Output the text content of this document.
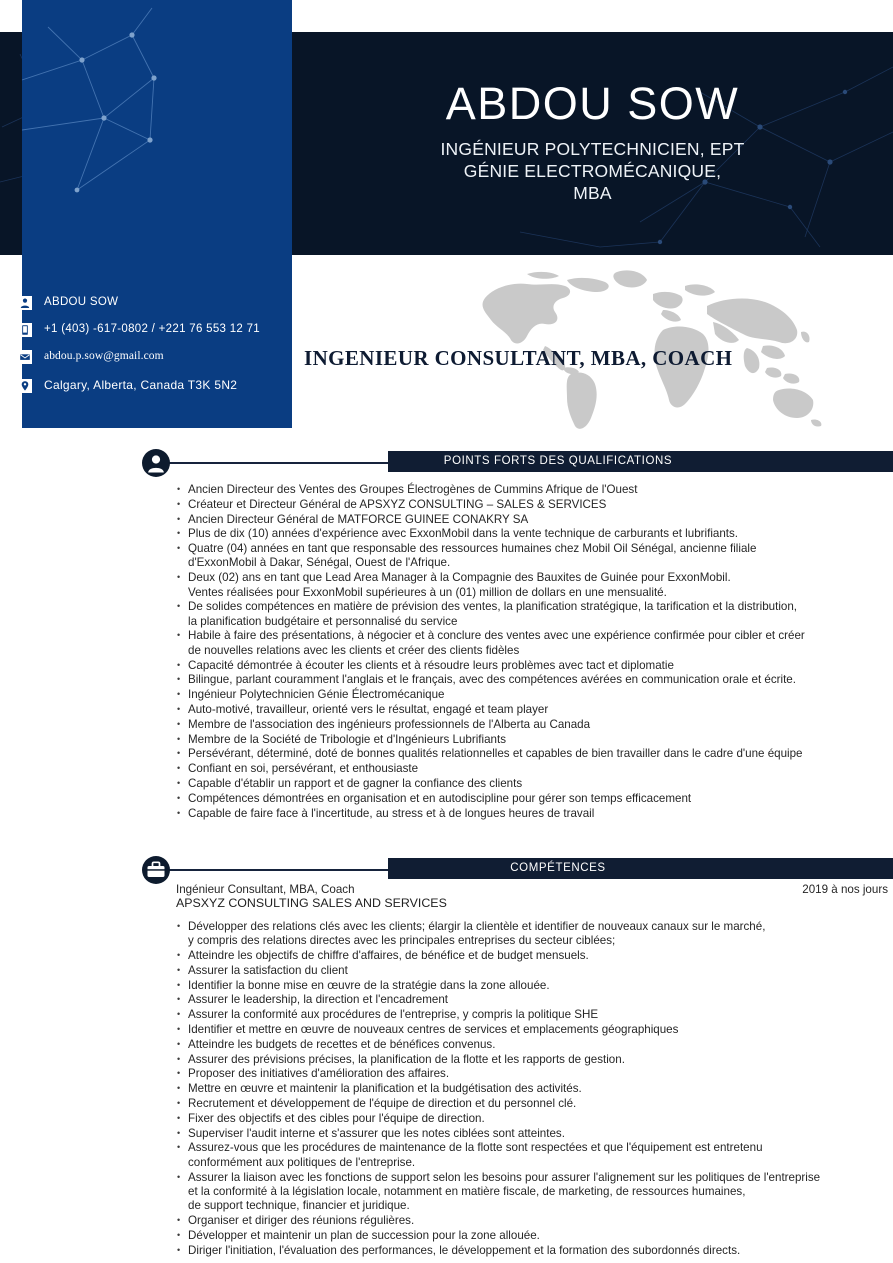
ABDOU SOW
INGÉNIEUR POLYTECHNICIEN, EPT
GÉNIE ELECTROMÉCANIQUE,
MBA
ABDOU SOW
+1 (403) -617-0802 / +221 76 553 12 71
abdou.p.sow@gmail.com
Calgary, Alberta, Canada T3K 5N2
INGENIEUR CONSULTANT, MBA, COACH
POINTS FORTS DES QUALIFICATIONS
• Ancien Directeur des Ventes des Groupes Électrogènes de Cummins Afrique de l'Ouest
• Créateur et Directeur Général de APSXYZ CONSULTING – SALES & SERVICES
• Ancien Directeur Général de MATFORCE GUINEE CONAKRY SA
• Plus de dix (10) années d'expérience avec ExxonMobil dans la vente technique de carburants et lubrifiants.
• Quatre (04) années en tant que responsable des ressources humaines chez Mobil Oil Sénégal, ancienne filiale
d'ExxonMobil à Dakar, Sénégal, Ouest de l'Afrique.
• Deux (02) ans en tant que Lead Area Manager à la Compagnie des Bauxites de Guinée pour ExxonMobil.
Ventes réalisées pour ExxonMobil supérieures à un (01) million de dollars en une mensualité.
• De solides compétences en matière de prévision des ventes, la planification stratégique, la tarification et la distribution,
la planification budgétaire et personnalisé du service
• Habile à faire des présentations, à négocier et à conclure des ventes avec une expérience confirmée pour cibler et créer
de nouvelles relations avec les clients et créer des clients fidèles
• Capacité démontrée à écouter les clients et à résoudre leurs problèmes avec tact et diplomatie
• Bilingue, parlant couramment l'anglais et le français, avec des compétences avérées en communication orale et écrite.
• Ingénieur Polytechnicien Génie Électromécanique
• Auto-motivé, travailleur, orienté vers le résultat, engagé et team player
• Membre de l'association des ingénieurs professionnels de l'Alberta au Canada
• Membre de la Société de Tribologie et d'Ingénieurs Lubrifiants
• Persévérant, déterminé, doté de bonnes qualités relationnelles et capables de bien travailler dans le cadre d'une équipe
• Confiant en soi, persévérant, et enthousiaste
• Capable d'établir un rapport et de gagner la confiance des clients
• Compétences démontrées en organisation et en autodiscipline pour gérer son temps efficacement
• Capable de faire face à l'incertitude, au stress et à de longues heures de travail
COMPÉTENCES
Ingénieur Consultant, MBA, Coach	2019 à nos jours
APSXYZ CONSULTING SALES AND SERVICES
• Développer des relations clés avec les clients; élargir la clientèle et identifier de nouveaux canaux sur le marché,
y compris des relations directes avec les principales entreprises du secteur ciblées;
• Atteindre les objectifs de chiffre d'affaires, de bénéfice et de budget mensuels.
• Assurer la satisfaction du client
• Identifier la bonne mise en œuvre de la stratégie dans la zone allouée.
• Assurer le leadership, la direction et l'encadrement
• Assurer la conformité aux procédures de l'entreprise, y compris la politique SHE
• Identifier et mettre en œuvre de nouveaux centres de services et emplacements géographiques
• Atteindre les budgets de recettes et de bénéfices convenus.
• Assurer des prévisions précises, la planification de la flotte et les rapports de gestion.
• Proposer des initiatives d'amélioration des affaires.
• Mettre en œuvre et maintenir la planification et la budgétisation des activités.
• Recrutement et développement de l'équipe de direction et du personnel clé.
• Fixer des objectifs et des cibles pour l'équipe de direction.
• Superviser l'audit interne et s'assurer que les notes ciblées sont atteintes.
• Assurez-vous que les procédures de maintenance de la flotte sont respectées et que l'équipement est entretenu
conformément aux politiques de l'entreprise.
• Assurer la liaison avec les fonctions de support selon les besoins pour assurer l'alignement sur les politiques de l'entreprise
et la conformité à la législation locale, notamment en matière fiscale, de marketing, de ressources humaines,
de support technique, financier et juridique.
• Organiser et diriger des réunions régulières.
• Développer et maintenir un plan de succession pour la zone allouée.
• Diriger l'initiation, l'évaluation des performances, le développement et la formation des subordonnés directs.
